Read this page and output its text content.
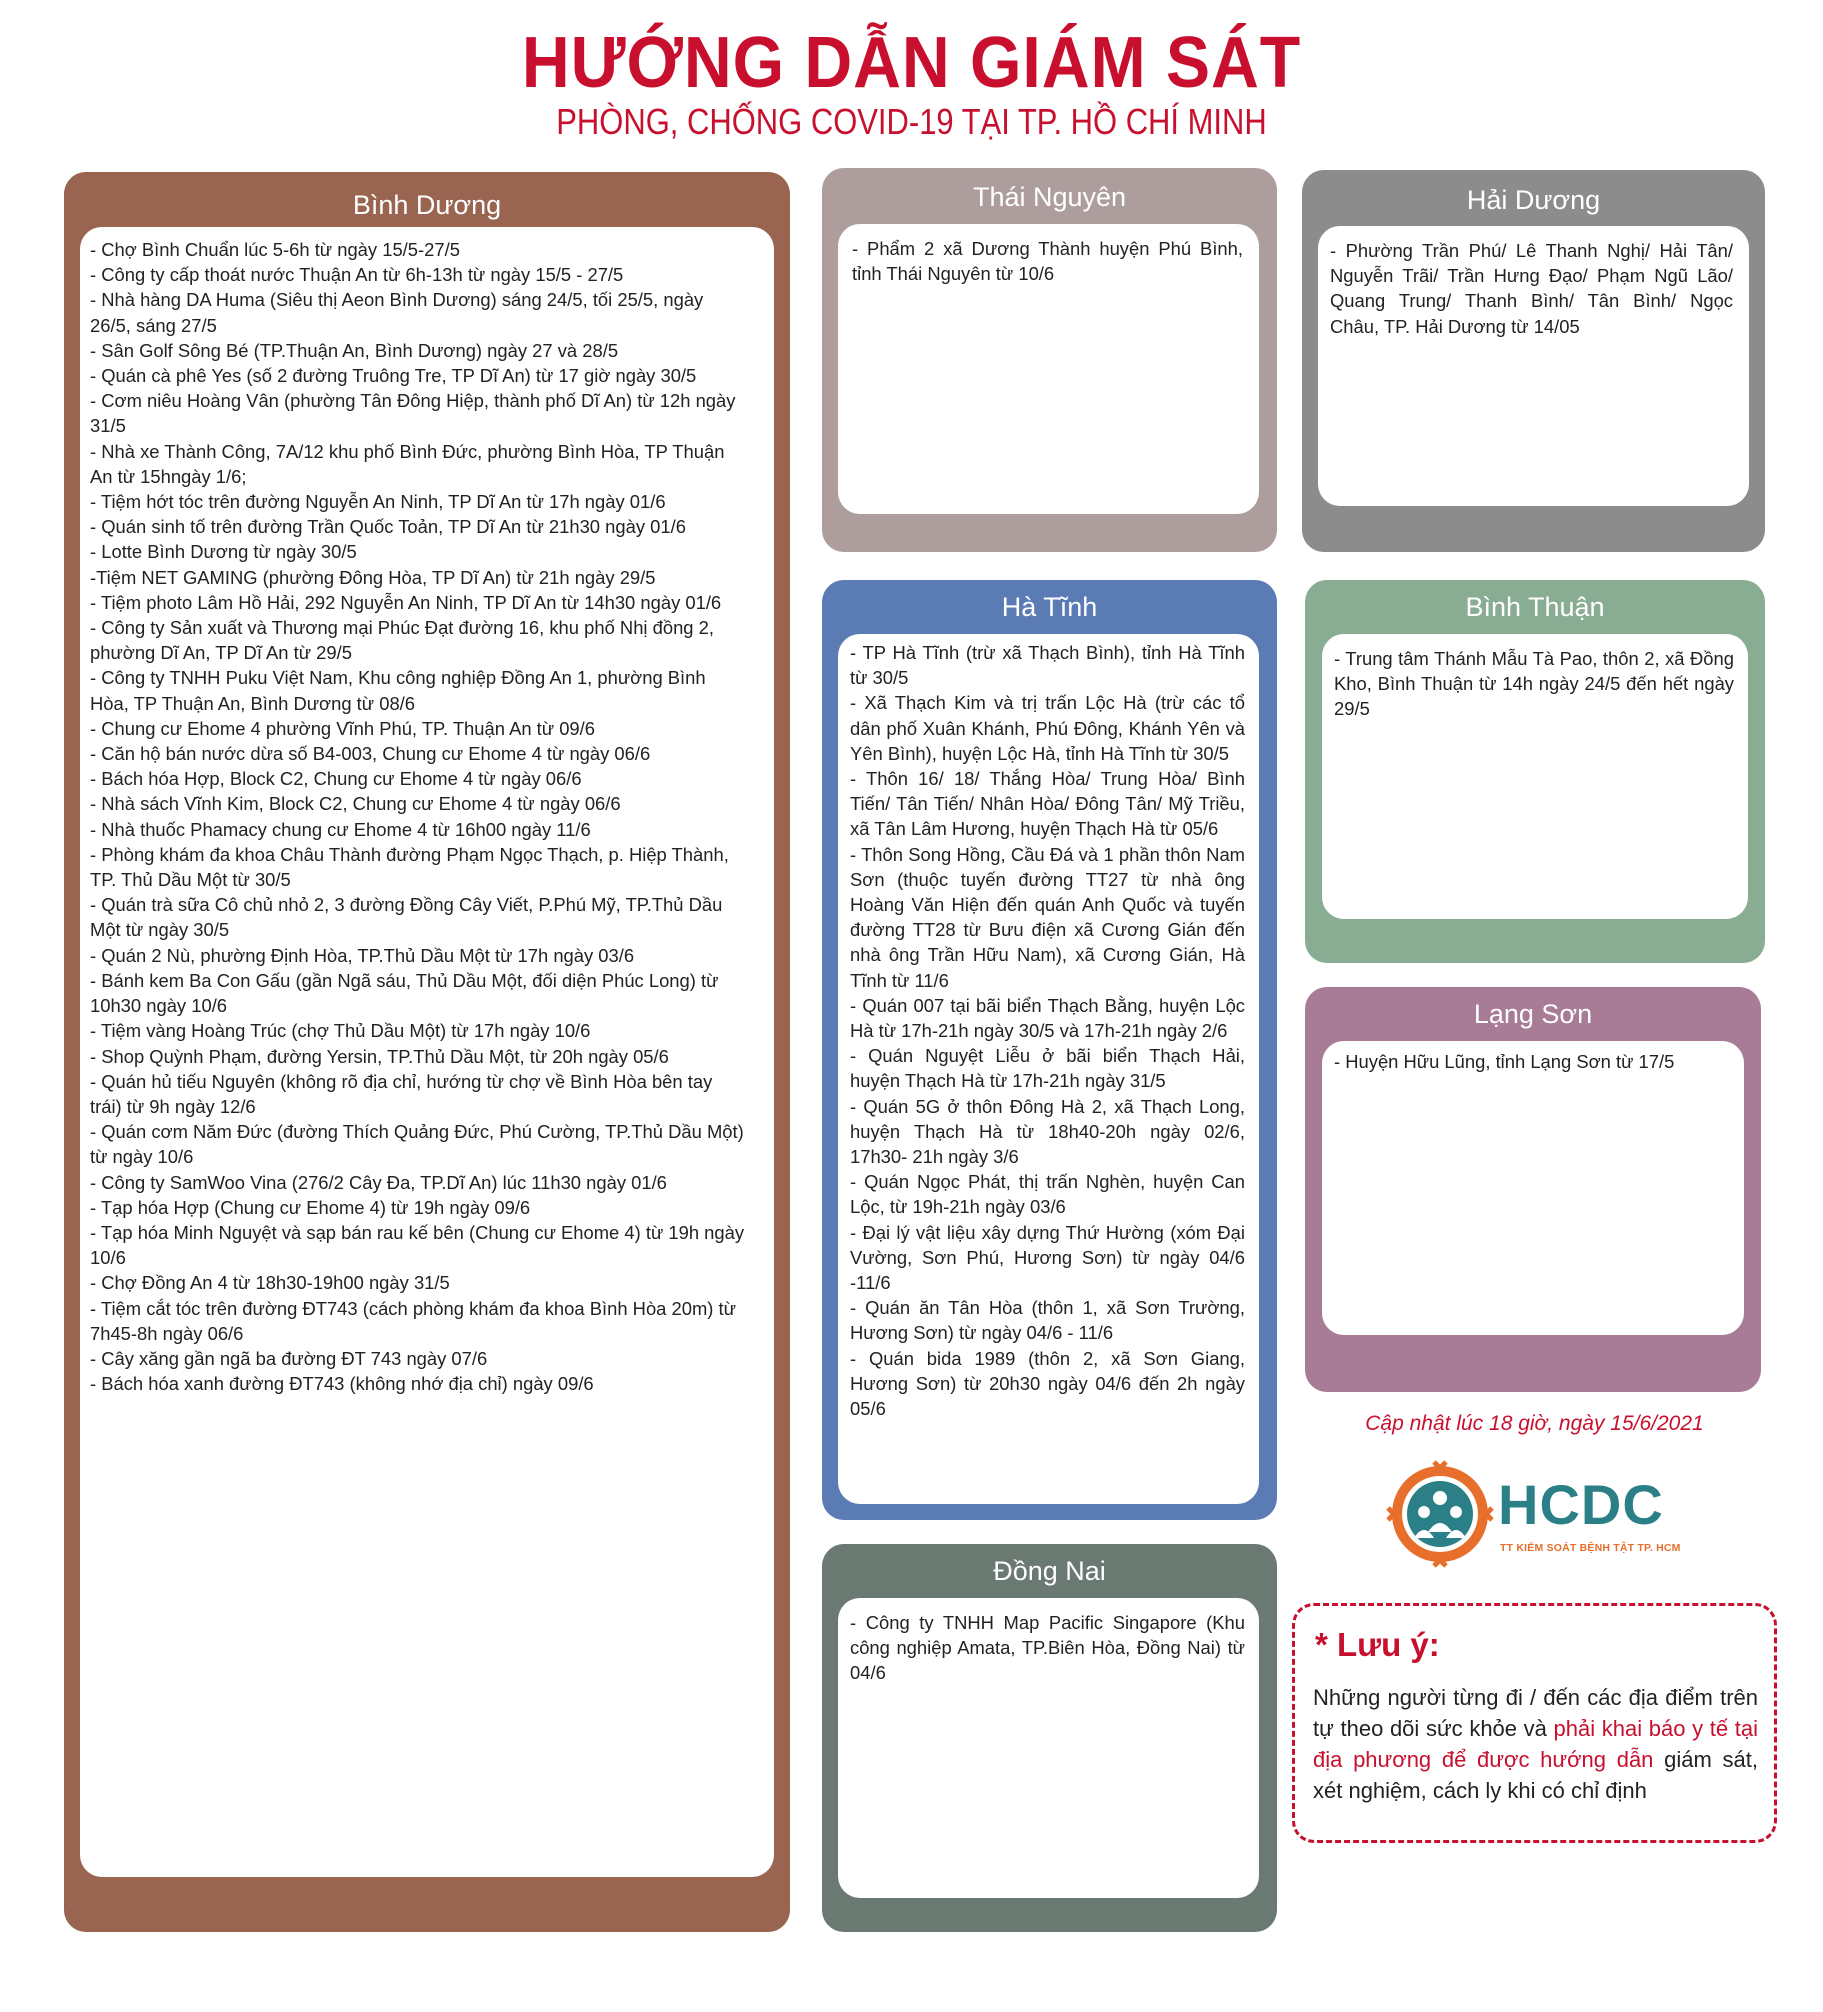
HƯỚNG DẪN GIÁM SÁT
PHÒNG, CHỐNG COVID-19 TẠI TP. HỒ CHÍ MINH
Bình Dương
- Chợ Bình Chuẩn lúc 5-6h từ ngày 15/5-27/5
- Công ty cấp thoát nước Thuận An từ 6h-13h từ ngày 15/5 - 27/5
- Nhà hàng DA Huma (Siêu thị Aeon Bình Dương) sáng 24/5, tối 25/5, ngày 26/5, sáng 27/5
- Sân Golf Sông Bé (TP.Thuận An, Bình Dương) ngày 27 và 28/5
- Quán cà phê Yes (số 2 đường Truông Tre, TP Dĩ An) từ 17 giờ ngày 30/5
- Cơm niêu Hoàng Vân (phường Tân Đông Hiệp, thành phố Dĩ An) từ 12h ngày 31/5
- Nhà xe Thành Công, 7A/12 khu phố Bình Đức, phường Bình Hòa, TP Thuận An từ 15hngày 1/6;
- Tiệm hớt tóc trên đường Nguyễn An Ninh, TP Dĩ An từ 17h ngày 01/6
- Quán sinh tố trên đường Trần Quốc Toản, TP Dĩ An từ 21h30 ngày 01/6
- Lotte Bình Dương từ ngày 30/5
-Tiệm NET GAMING (phường Đông Hòa, TP Dĩ An) từ 21h ngày 29/5
- Tiệm photo Lâm Hồ Hải, 292 Nguyễn An Ninh, TP Dĩ An từ 14h30 ngày 01/6
- Công ty Sản xuất và Thương mại Phúc Đạt đường 16, khu phố Nhị đồng 2, phường Dĩ An, TP Dĩ An từ 29/5
- Công ty TNHH Puku Việt Nam, Khu công nghiệp Đồng An 1, phường Bình Hòa, TP Thuận An, Bình Dương từ 08/6
- Chung cư Ehome 4 phường Vĩnh Phú, TP. Thuận An từ 09/6
- Căn hộ bán nước dừa số B4-003, Chung cư Ehome 4 từ ngày 06/6
- Bách hóa Hợp, Block C2, Chung cư Ehome 4 từ ngày 06/6
- Nhà sách Vĩnh Kim, Block C2, Chung cư Ehome 4 từ ngày 06/6
- Nhà thuốc Phamacy chung cư Ehome 4 từ 16h00 ngày 11/6
- Phòng khám đa khoa Châu Thành đường Phạm Ngọc Thạch, p. Hiệp Thành, TP. Thủ Dầu Một từ 30/5
- Quán trà sữa Cô chủ nhỏ 2, 3 đường Đồng Cây Viết, P.Phú Mỹ, TP.Thủ Dầu Một từ ngày 30/5
- Quán 2 Nù, phường Định Hòa, TP.Thủ Dầu Một từ 17h ngày 03/6
- Bánh kem Ba Con Gấu (gần Ngã sáu, Thủ Dầu Một, đối diện Phúc Long) từ 10h30 ngày 10/6
- Tiệm vàng Hoàng Trúc (chợ Thủ Dầu Một) từ 17h ngày 10/6
- Shop Quỳnh Phạm, đường Yersin, TP.Thủ Dầu Một, từ 20h ngày 05/6
- Quán hủ tiếu Nguyên (không rõ địa chỉ, hướng từ chợ về Bình Hòa bên tay trái) từ 9h ngày 12/6
- Quán cơm Năm Đức (đường Thích Quảng Đức, Phú Cường, TP.Thủ Dầu Một) từ ngày 10/6
- Công ty SamWoo Vina (276/2 Cây Đa, TP.Dĩ An) lúc 11h30 ngày 01/6
- Tạp hóa Hợp (Chung cư Ehome 4) từ 19h ngày 09/6
- Tạp hóa Minh Nguyệt và sạp bán rau kế bên (Chung cư Ehome 4) từ 19h ngày 10/6
- Chợ Đồng An 4 từ 18h30-19h00 ngày 31/5
- Tiệm cắt tóc trên đường ĐT743 (cách phòng khám đa khoa Bình Hòa 20m) từ 7h45-8h ngày 06/6
- Cây xăng gần ngã ba đường ĐT 743 ngày 07/6
- Bách hóa xanh đường ĐT743 (không nhớ địa chỉ) ngày 09/6
Thái Nguyên
- Phẩm 2 xã Dương Thành huyện Phú Bình, tỉnh Thái Nguyên từ 10/6
Hải Dương
- Phường Trần Phú/ Lê Thanh Nghị/ Hải Tân/ Nguyễn Trãi/ Trần Hưng Đạo/ Phạm Ngũ Lão/ Quang Trung/ Thanh Bình/ Tân Bình/ Ngọc Châu, TP. Hải Dương từ 14/05
Hà Tĩnh
- TP Hà Tĩnh (trừ xã Thạch Bình), tỉnh Hà Tĩnh từ 30/5
- Xã Thạch Kim và trị trấn Lộc Hà (trừ các tổ dân phố Xuân Khánh, Phú Đông, Khánh Yên và Yên Bình), huyện Lộc Hà, tỉnh Hà Tĩnh từ 30/5
- Thôn 16/ 18/ Thắng Hòa/ Trung Hòa/ Bình Tiến/ Tân Tiến/ Nhân Hòa/ Đông Tân/ Mỹ Triều, xã Tân Lâm Hương, huyện Thạch Hà từ 05/6
- Thôn Song Hồng, Cầu Đá và 1 phần thôn Nam Sơn (thuộc tuyến đường TT27 từ nhà ông Hoàng Văn Hiện đến quán Anh Quốc và tuyến đường TT28 từ Bưu điện xã Cương Gián đến nhà ông Trần Hữu Nam), xã Cương Gián, Hà Tĩnh từ 11/6
- Quán 007 tại bãi biển Thạch Bằng, huyện Lộc Hà từ 17h-21h ngày 30/5 và 17h-21h ngày 2/6
- Quán Nguyệt Liễu ở bãi biển Thạch Hải, huyện Thạch Hà từ 17h-21h ngày 31/5
- Quán 5G ở thôn Đông Hà 2, xã Thạch Long, huyện Thạch Hà từ 18h40-20h ngày 02/6, 17h30- 21h ngày 3/6
- Quán Ngọc Phát, thị trấn Nghèn, huyện Can Lộc, từ 19h-21h ngày 03/6
- Đại lý vật liệu xây dựng Thứ Hường (xóm Đại Vường, Sơn Phú, Hương Sơn) từ ngày 04/6 -11/6
- Quán ăn Tân Hòa (thôn 1, xã Sơn Trường, Hương Sơn) từ ngày 04/6 - 11/6
- Quán bida 1989 (thôn 2, xã Sơn Giang, Hương Sơn) từ 20h30 ngày 04/6 đến 2h ngày 05/6
Bình Thuận
- Trung tâm Thánh Mẫu Tà Pao, thôn 2, xã Đồng Kho, Bình Thuận từ 14h ngày 24/5 đến hết ngày 29/5
Lạng Sơn
- Huyện Hữu Lũng, tỉnh Lạng Sơn từ 17/5
Đồng Nai
- Công ty TNHH Map Pacific Singapore (Khu công nghiệp Amata, TP.Biên Hòa, Đồng Nai) từ 04/6
Cập nhật lúc 18 giờ, ngày 15/6/2021
HCDC
TT KIỂM SOÁT BỆNH TẬT TP. HCM
* Lưu ý:
Những người từng đi / đến các địa điểm trên tự theo dõi sức khỏe và phải khai báo y tế tại địa phương để được hướng dẫn giám sát, xét nghiệm, cách ly khi có chỉ định
